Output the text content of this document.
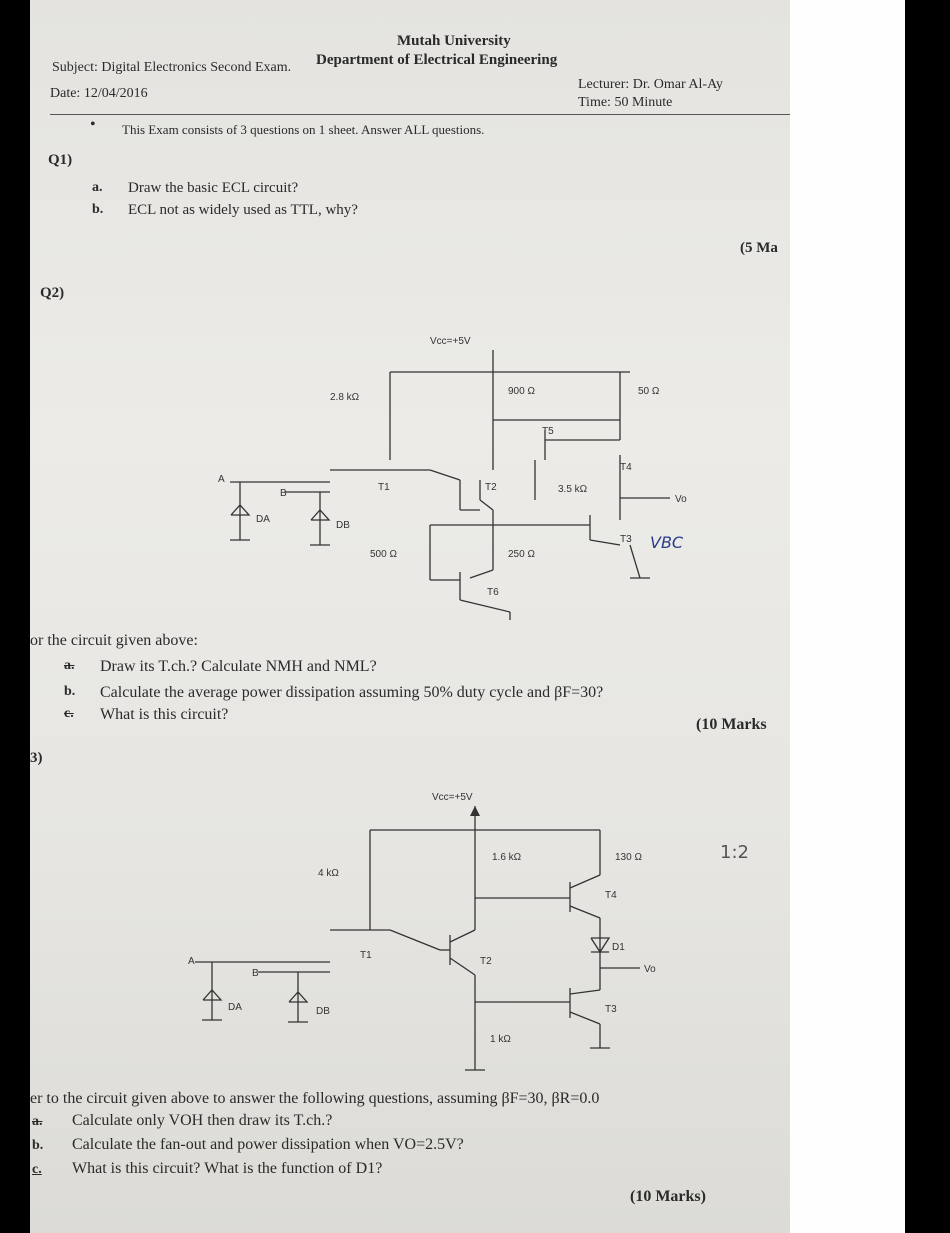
Mutah University
Department of Electrical Engineering
Subject: Digital Electronics Second Exam.
Date: 12/04/2016
Lecturer: Dr. Omar Al-Ay
Time: 50 Minute
• This Exam consists of 3 questions on 1 sheet. Answer ALL questions.
Q1)
a. Draw the basic ECL circuit?
b. ECL not as widely used as TTL, why?
(5 Ma
Q2)
Vcc=+5V
2.8 kΩ
900 Ω	50 Ω
T5
T4
3.5 kΩ
T1	T2
T3
Vo
500 Ω	250 Ω
T6
A
B
DA
DB
VBC
or the circuit given above:
a. Draw its T.ch.? Calculate NMH and NML?
b. Calculate the average power dissipation assuming 50% duty cycle and βF=30?
c. What is this circuit?
(10 Marks
3)
Vcc=+5V
4 kΩ
1.6 kΩ	130 Ω
T4
D1
Vo
T1
T2
1 kΩ
T3
A
B
DA	DB
1:2
er to the circuit given above to answer the following questions, assuming βF=30, βR=0.0
a. Calculate only VOH then draw its T.ch.?
b. Calculate the fan-out and power dissipation when VO=2.5V?
c. What is this circuit? What is the function of D1?
(10 Marks)
